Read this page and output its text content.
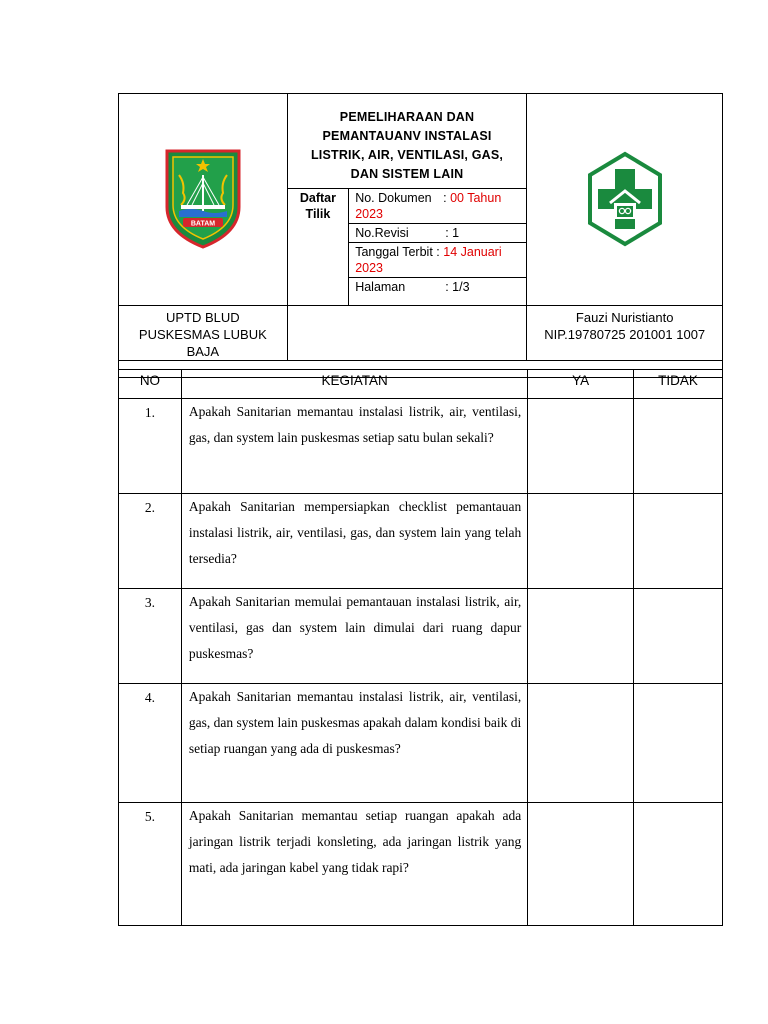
BATAM

PEMELIHARAAN DAN
PEMANTAUANV INSTALASI
LISTRIK, AIR, VENTILASI, GAS,
DAN SISTEM LAIN
Daftar
Tilik
	No. Dokumen : 00 Tahun 2023
No.Revisi	: 1
Tanggal Terbit : 14 Januari 2023
Halaman	: 1/3

UPTD BLUD
PUSKESMAS LUBUK
BAJA

Fauzi Nuristianto
NIP.19780725 201001 1007

NO	KEGIATAN	YA	TIDAK
1.	Apakah Sanitarian memantau instalasi listrik, air, ventilasi, gas, dan system lain puskesmas setiap satu bulan sekali?		
2.	Apakah Sanitarian mempersiapkan checklist pemantauan instalasi listrik, air, ventilasi, gas, dan system lain yang telah tersedia?		
3.	Apakah Sanitarian memulai pemantauan instalasi listrik, air, ventilasi, gas dan system lain dimulai dari ruang dapur puskesmas?		
4.	Apakah Sanitarian memantau instalasi listrik, air, ventilasi, gas, dan system lain puskesmas apakah dalam kondisi baik di setiap ruangan yang ada di puskesmas?		
5.	Apakah Sanitarian memantau setiap ruangan apakah ada jaringan listrik terjadi konsleting, ada jaringan listrik yang mati, ada jaringan kabel yang tidak rapi?		
